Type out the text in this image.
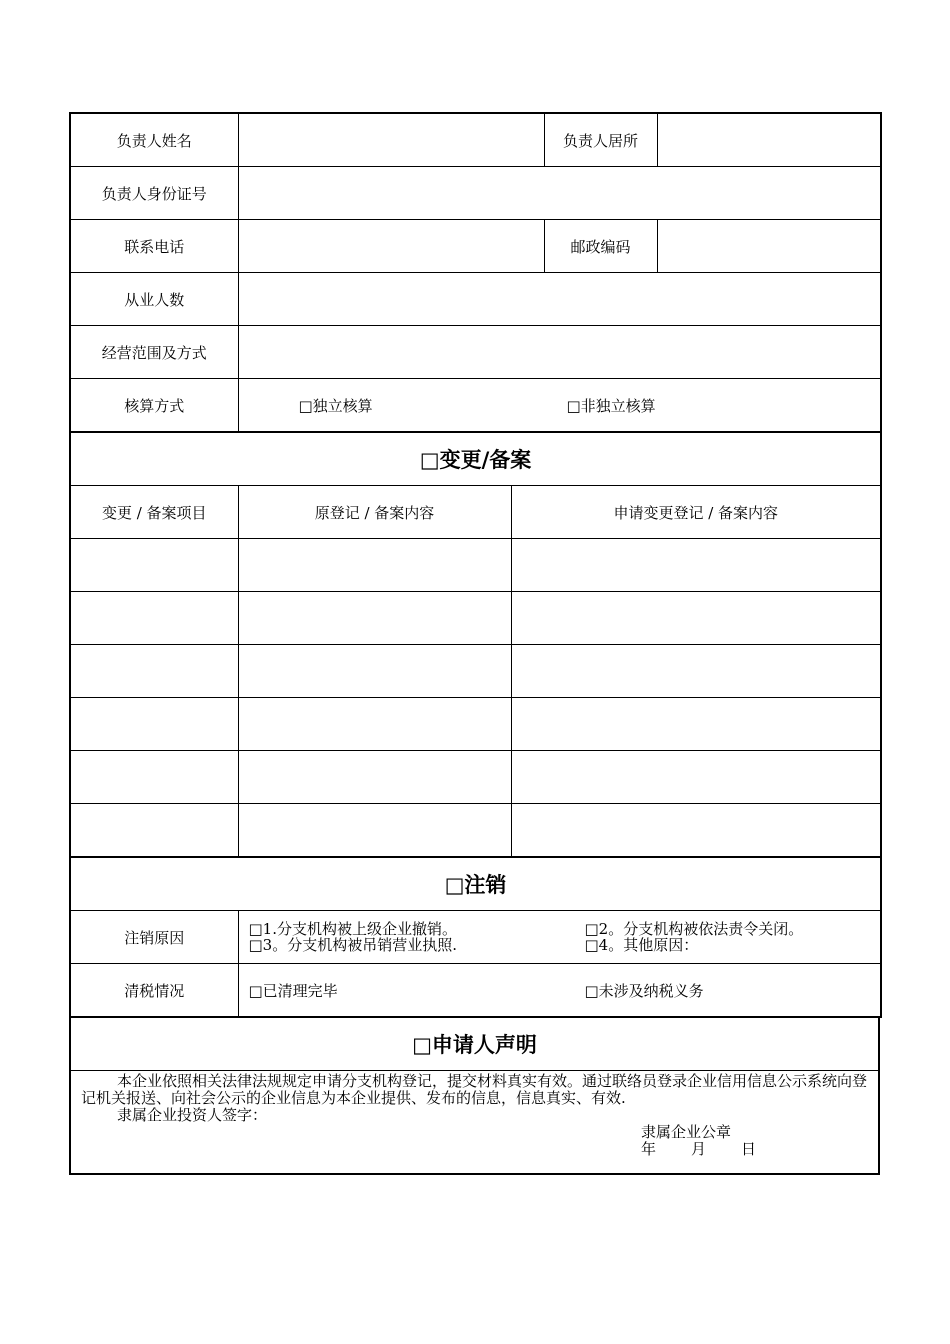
负责人姓名		负责人居所	
负责人身份证号			
联系电话		邮政编码	
从业人数			
经营范围及方式			
核算方式	□独立核算 □非独立核算		
□变更/备案		
变更 / 备案项目	原登记 / 备案内容	申请变更登记 / 备案内容

□注销	
注销原因	□1.分支机构被上级企业撤销。 □2。分支机构被依法责令关闭。
□3。分支机构被吊销营业执照. □4。其他原因：

清税情况	□已清理完毕 □未涉及纳税义务
□申请人声明

本企业依照相关法律法规规定申请分支机构登记，提交材料真实有效。通过联络员登录企业信用信息公示系统向登记机关报送、向社会公示的企业信息为本企业提供、发布的信息，信息真实、有效.
隶属企业投资人签字：
隶属企业公章
年 月 日
